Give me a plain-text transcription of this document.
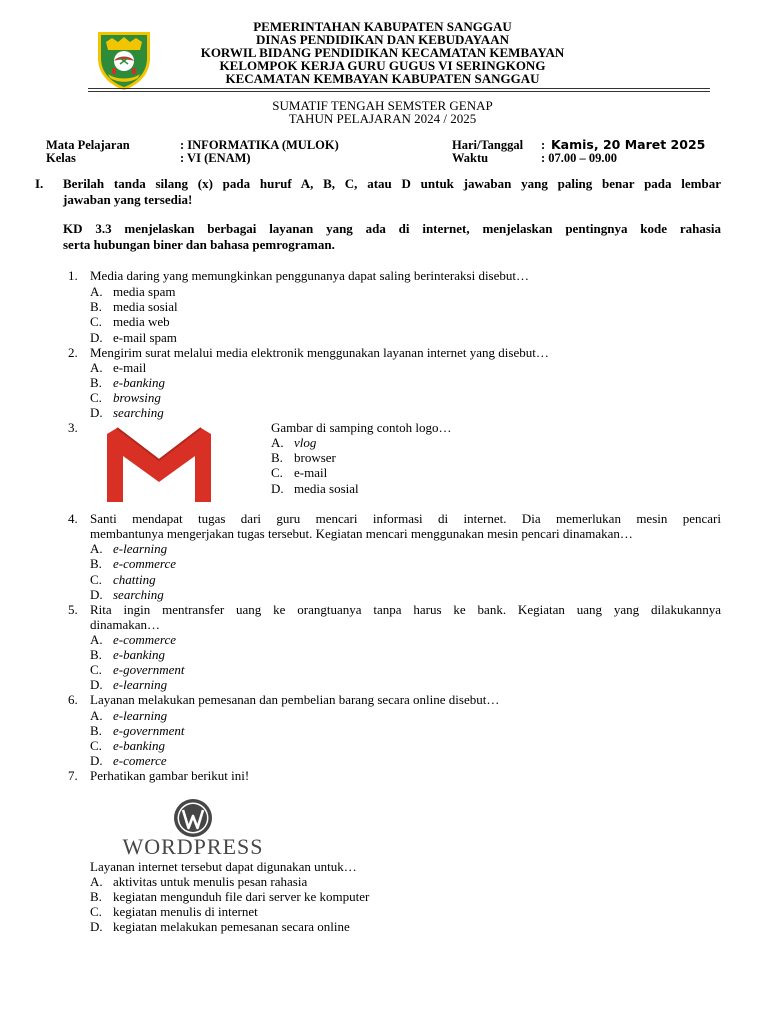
PEMERINTAHAN KABUPATEN SANGGAU
DINAS PENDIDIKAN DAN KEBUDAYAAN
KORWIL BIDANG PENDIDIKAN KECAMATAN KEMBAYAN
KELOMPOK KERJA GURU GUGUS VI SERINGKONG
KECAMATAN KEMBAYAN KABUPATEN SANGGAU
SUMATIF TENGAH SEMSTER GENAP
TAHUN PELAJARAN 2024 / 2025
Mata Pelajaran	: INFORMATIKA (MULOK)
Kelas	: VI (ENAM)
Hari/Tanggal : Kamis, 20 Maret 2025
Waktu	: 07.00 – 09.00
I. Berilah tanda silang (x) pada huruf A, B, C, atau D untuk jawaban yang paling benar pada lembar
jawaban yang tersedia!
KD 3.3 menjelaskan berbagai layanan yang ada di internet, menjelaskan pentingnya kode rahasia
serta hubungan biner dan bahasa pemrograman.
1. Media daring yang memungkinkan penggunanya dapat saling berinteraksi disebut…
A. media spam
B. media sosial
C. media web
D. e-mail spam
2. Mengirim surat melalui media elektronik menggunakan layanan internet yang disebut…
A. e-mail
B. e-banking
C. browsing
D. searching
3.	Gambar di samping contoh logo…
A. vlog
B. browser
C. e-mail
D. media sosial
4. Santi mendapat tugas dari guru mencari informasi di internet. Dia memerlukan mesin pencari
membantunya mengerjakan tugas tersebut. Kegiatan mencari menggunakan mesin pencari dinamakan…
A. e-learning
B. e-commerce
C. chatting
D. searching
5. Rita ingin mentransfer uang ke orangtuanya tanpa harus ke bank. Kegiatan uang yang dilakukannya
dinamakan…
A. e-commerce
B. e-banking
C. e-government
D. e-learning
6. Layanan melakukan pemesanan dan pembelian barang secara online disebut…
A. e-learning
B. e-government
C. e-banking
D. e-comerce
7. Perhatikan gambar berikut ini!
WORDPRESS
Layanan internet tersebut dapat digunakan untuk…
A. aktivitas untuk menulis pesan rahasia
B. kegiatan mengunduh file dari server ke komputer
C. kegiatan menulis di internet
D. kegiatan melakukan pemesanan secara online
